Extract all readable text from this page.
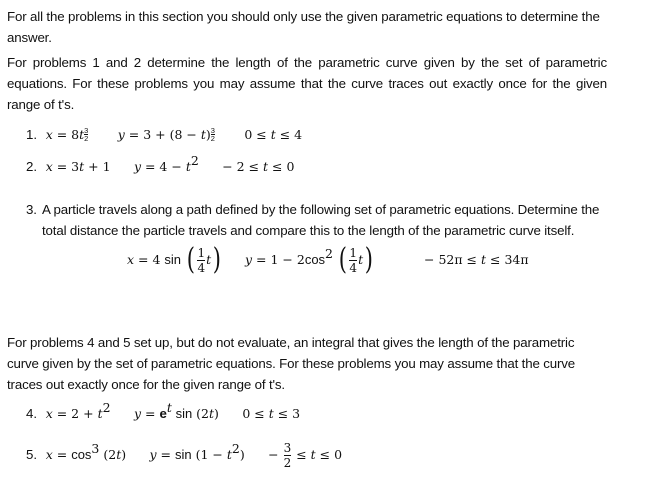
For all the problems in this section you should only use the given parametric equations to determine the answer.
For problems 1 and 2 determine the length of the parametric curve given by the set of parametric equations. For these problems you may assume that the curve traces out exactly once for the given range of t's.
1. $x = 8t \frac{3}{2}$ $y = 3 + (8 - t) \frac{3}{2} 0 \le t \le 4$
2. x = 3t + 1 $y = 4 - t^2 - 2 \le t \le 0$
3. A particle travels along a path defined by the following set of parametric equations. Determine the total distance the particle travels and compare this to the length of the parametric curve itself.
x = 4 sin ( $\frac{1}{4} t$) $y = 1 - 2\cos^2$ ( $\frac{1}{4} t$)	− 52π ≤ t ≤ 34π
For problems 4 and 5 set up, but do not evaluate, an integral that gives the length of the parametric curve given by the set of parametric equations. For these problems you may assume that the curve traces out exactly once for the given range of t's.
4. $x = 2 + t^2$ $y = e^t$ sin (2t) 0 ≤ t ≤ 3
5. $x = \cos^3 (2t) y = \sin (1 - t^2) - \frac{3}{2} \le t \le 0$
